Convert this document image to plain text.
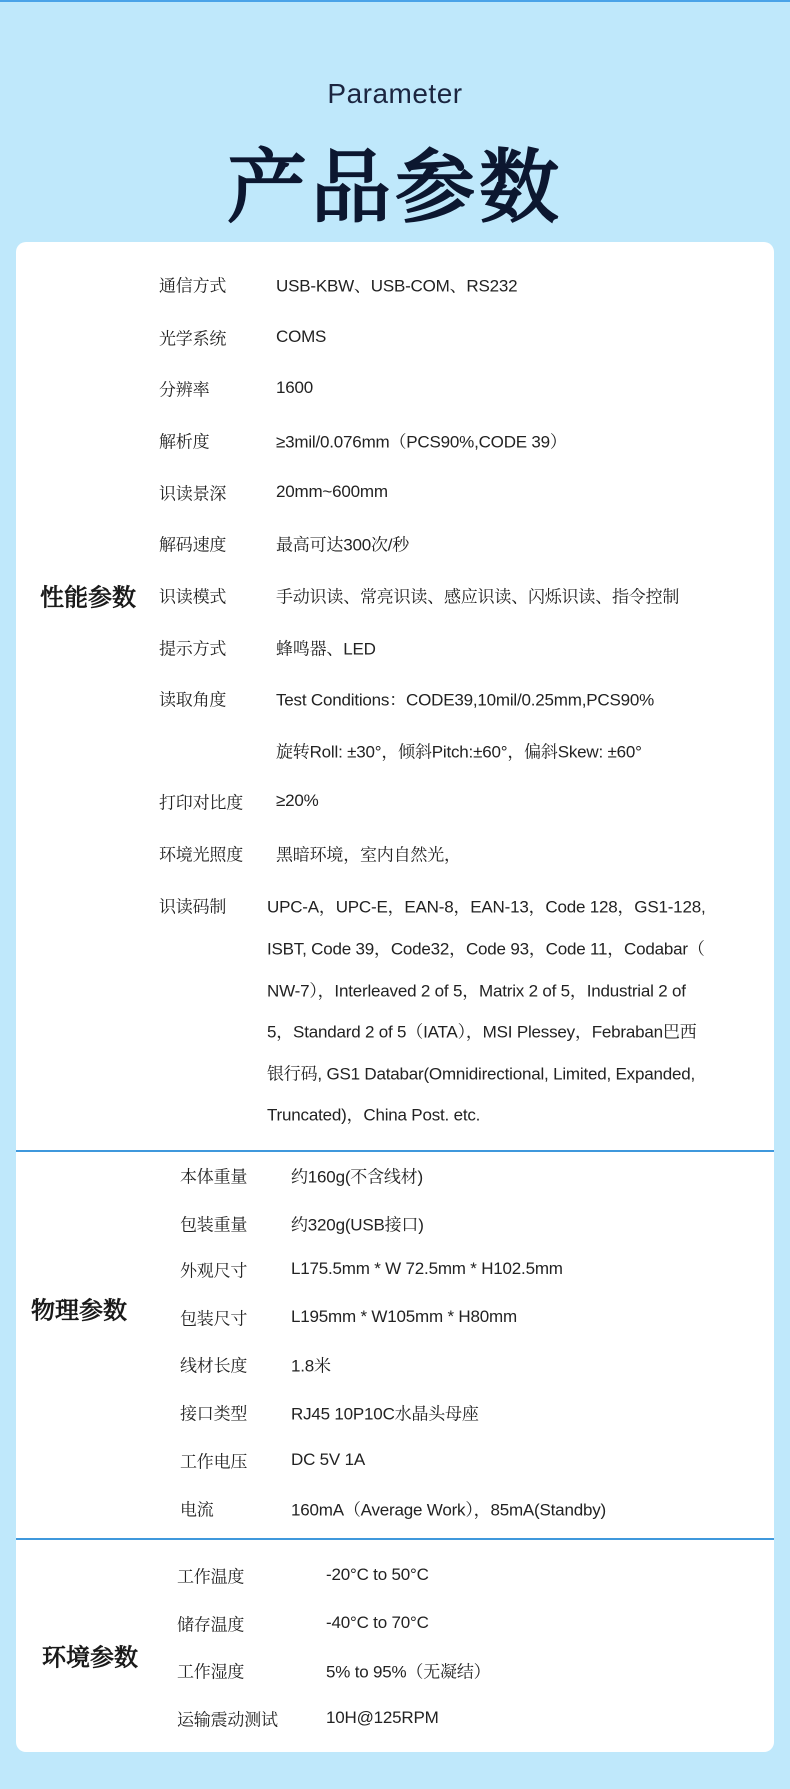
Parameter
产品参数
性能参数
通信方式	USB-KBW、USB-COM、RS232
光学系统	COMS
分辨率	1600
解析度	≥3mil/0.076mm（PCS90%,CODE 39）
识读景深	20mm~600mm
解码速度	最高可达300次/秒
识读模式	手动识读、常亮识读、感应识读、闪烁识读、指令控制
提示方式	蜂鸣器、LED
读取角度	Test Conditions：CODE39,10mil/0.25mm,PCS90%
旋转Roll: ±30°，倾斜Pitch:±60°，偏斜Skew: ±60°
打印对比度 ≥20%
环境光照度 黑暗环境，室内自然光，
识读码制 UPC-A，UPC-E，EAN-8，EAN-13，Code 128，GS1-128,
ISBT, Code 39，Code32，Code 93，Code 11，Codabar（
NW-7），Interleaved 2 of 5，Matrix 2 of 5，Industrial 2 of
5，Standard 2 of 5（IATA），MSI Plessey，Febraban巴西
银行码, GS1 Databar(Omnidirectional, Limited, Expanded,
Truncated)，China Post. etc.
物理参数
本体重量	约160g(不含线材)
包装重量	约320g(USB接口)
外观尺寸	L175.5mm * W 72.5mm * H102.5mm
包装尺寸	L195mm * W105mm * H80mm
线材长度	1.8米
接口类型	RJ45 10P10C水晶头母座
工作电压	DC 5V 1A
电流	160mA（Average Work），85mA(Standby)
环境参数
工作温度	-20°C to 50°C
储存温度	-40°C to 70°C
工作湿度	5% to 95%（无凝结）
运输震动测试	10H@125RPM
